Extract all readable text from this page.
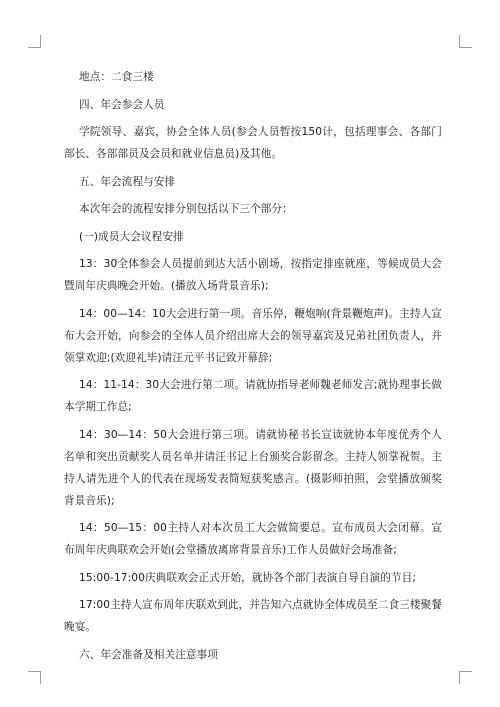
地点：二食三楼

四、年会参会人员

学院领导、嘉宾，协会全体人员(参会人员暂按150计，包括理事会、各部门部长、各部部员及会员和就业信息员)及其他。

五、年会流程与安排

本次年会的流程安排分别包括以下三个部分：

(一)成员大会议程安排

13：30全体参会人员提前到达大活小剧场，按指定排座就座，等候成员大会暨周年庆典晚会开始。(播放入场背景音乐);

14：00—14：10大会进行第一项。音乐停，鞭炮响(背景鞭炮声)。主持人宣布大会开始，向参会的全体人员介绍出席大会的领导嘉宾及兄弟社团负责人，并领掌欢迎;(欢迎礼毕)请汪元平书记致开幕辞;

14：11-14：30大会进行第二项。请就协指导老师魏老师发言;就协理事长做本学期工作总;

14：30—14：50大会进行第三项。请就协秘书长宣读就协本年度优秀个人名单和突出贡献奖人员名单并请汪书记上台颁奖合影留念。主持人领掌祝贺。主持人请先进个人的代表在现场发表简短获奖感言。(摄影师拍照，会堂播放颁奖背景音乐);

14：50—15：00主持人对本次员工大会做简要总。宣布成员大会闭幕。宣布周年庆典联欢会开始(会堂播放离席背景音乐)工作人员做好会场准备;

15:00-17:00庆典联欢会正式开始，就协各个部门表演自导自演的节目;

17:00主持人宣布周年庆联欢到此，并告知六点就协全体成员至二食三楼聚餐晚宴。

六、年会准备及相关注意事项
